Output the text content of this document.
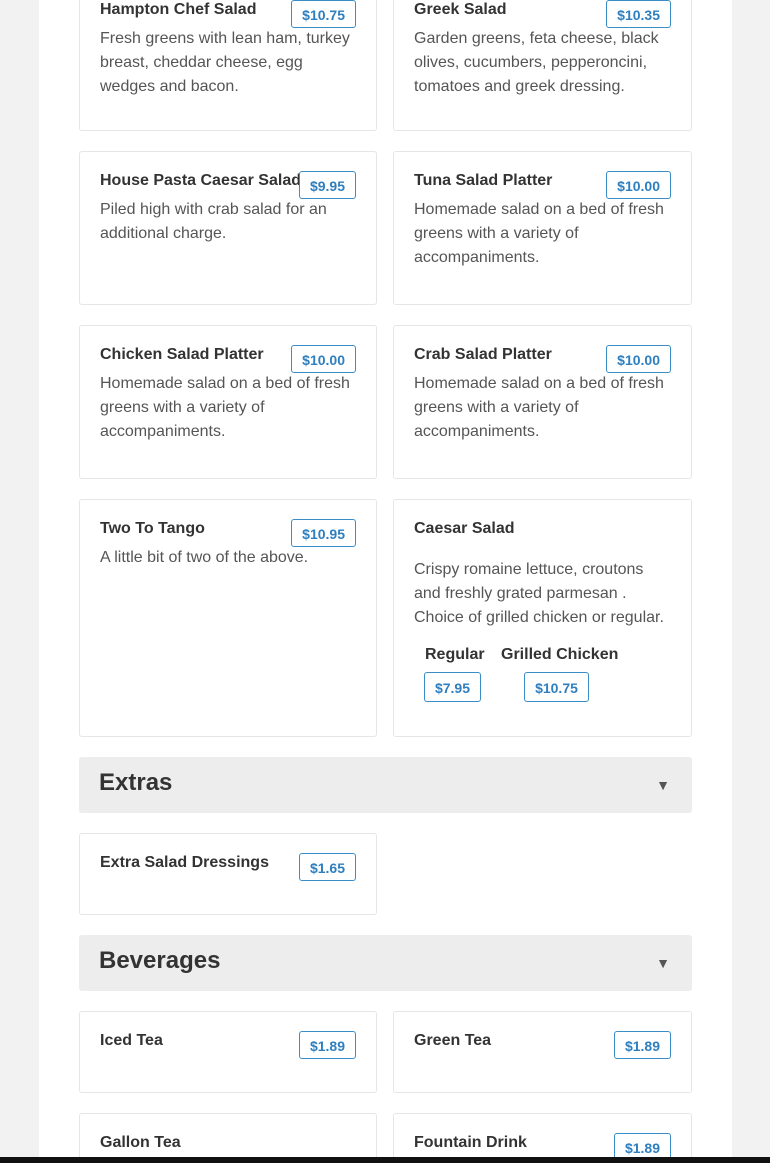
Hampton Chef Salad	$10.75
Fresh greens with lean ham, turkey breast, cheddar cheese, egg wedges and bacon.
Greek Salad	$10.35
Garden greens, feta cheese, black olives, cucumbers, pepperoncini, tomatoes and greek dressing.
House Pasta Caesar Salad $9.95
Piled high with crab salad for an additional charge.
Tuna Salad Platter	$10.00
Homemade salad on a bed of fresh greens with a variety of accompaniments.
Chicken Salad Platter	$10.00
Homemade salad on a bed of fresh greens with a variety of accompaniments.
Crab Salad Platter	$10.00
Homemade salad on a bed of fresh greens with a variety of accompaniments.
Two To Tango	$10.95
A little bit of two of the above.
Caesar Salad
Crispy romaine lettuce, croutons and freshly grated parmesan . Choice of grilled chicken or regular.
Regular Grilled Chicken
$7.95	$10.75
Extras	▼
Extra Salad Dressings	$1.65
Beverages	▼
Iced Tea	$1.89	Green Tea	$1.89
Gallon Tea	Fountain Drink	$1.89
